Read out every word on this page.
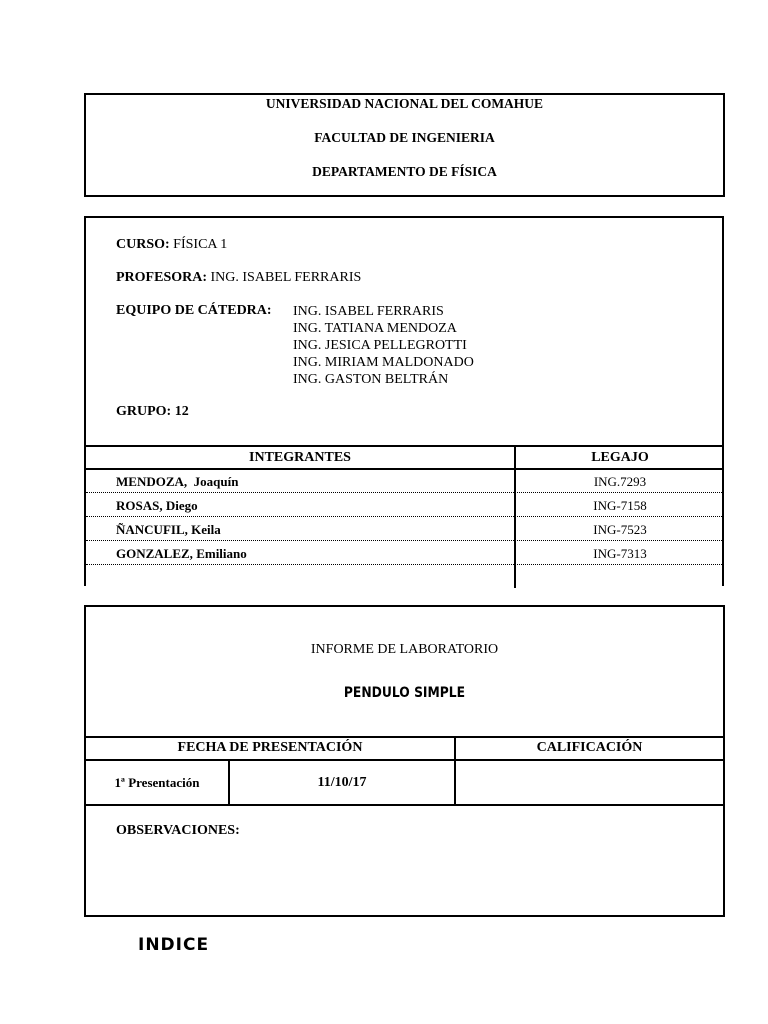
UNIVERSIDAD NACIONAL DEL COMAHUE
FACULTAD DE INGENIERIA
DEPARTAMENTO DE FÍSICA
CURSO: FÍSICA 1
PROFESORA: ING. ISABEL FERRARIS
EQUIPO DE CÁTEDRA: ING. ISABEL FERRARIS
ING. TATIANA MENDOZA
ING. JESICA PELLEGROTTI
ING. MIRIAM MALDONADO
ING. GASTON BELTRÁN
GRUPO: 12
INTEGRANTES	LEGAJO
MENDOZA, Joaquín	ING.7293
ROSAS, Diego	ING-7158
ÑANCUFIL, Keila	ING-7523
GONZALEZ, Emiliano	ING-7313
INFORME DE LABORATORIO
PENDULO SIMPLE
FECHA DE PRESENTACIÓN	CALIFICACIÓN
1ª Presentación	11/10/17
OBSERVACIONES:
INDICE
